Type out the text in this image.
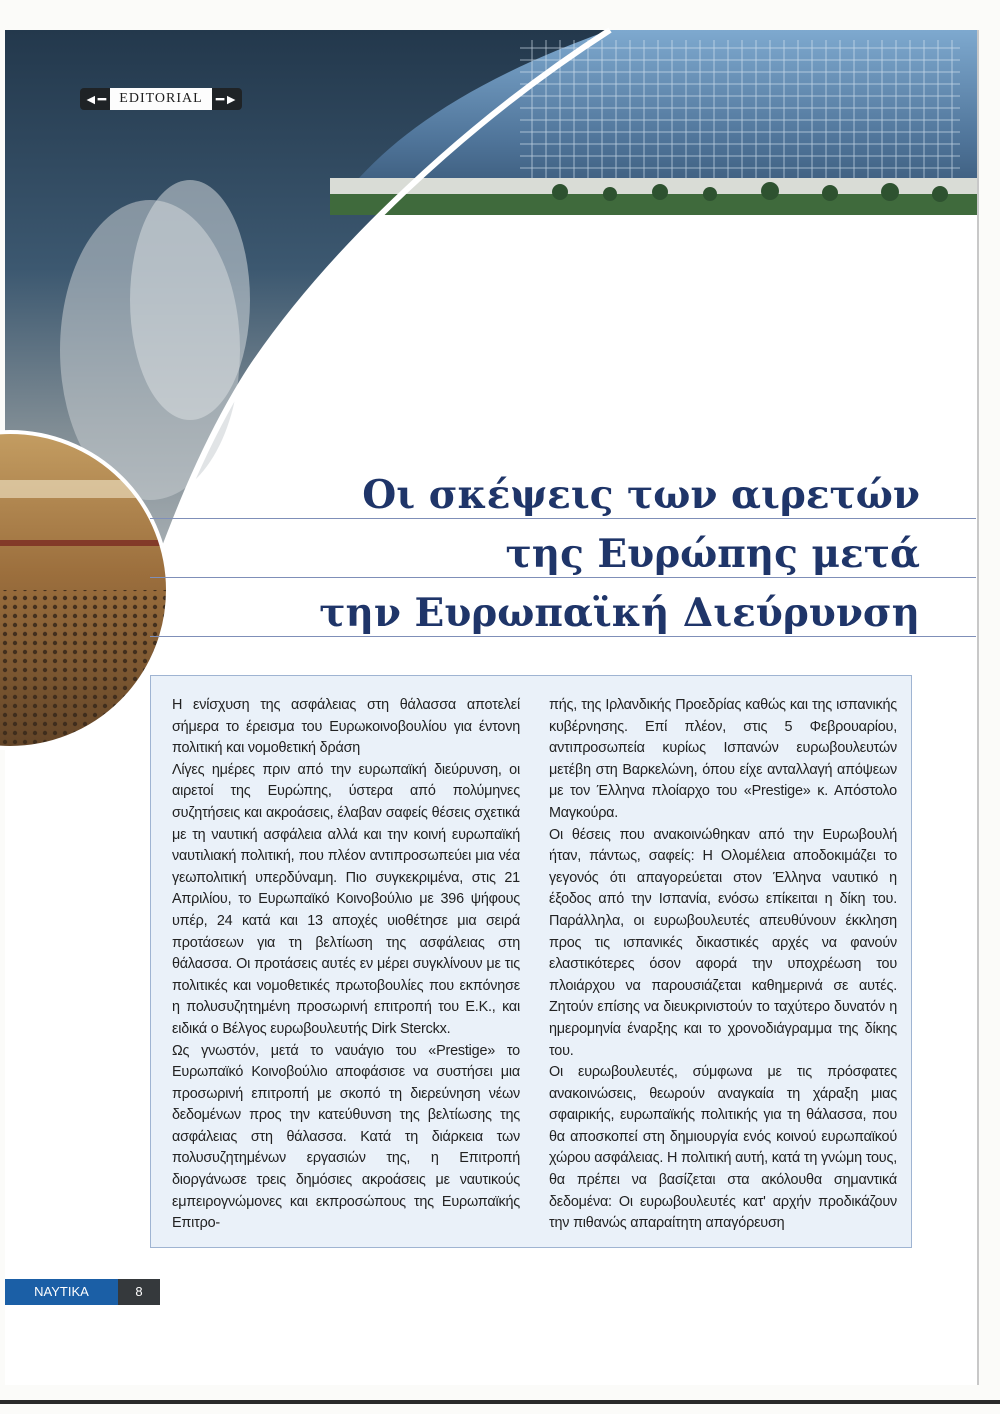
◄━ EDITORIAL ━►
Οι σκέψεις των αιρετών
της Ευρώπης μετά
την Ευρωπαϊκή Διεύρυνση

Η ενίσχυση της ασφάλειας στη θάλασσα αποτελεί σήμερα το έρεισμα του Ευρωκοινοβουλίου για έντονη πολιτική και νομοθετική δράση

Λίγες ημέρες πριν από την ευρωπαϊκή διεύρυνση, οι αιρετοί της Ευρώπης, ύστερα από πολύμηνες συζητήσεις και ακροάσεις, έλαβαν σαφείς θέσεις σχετικά με τη ναυτική ασφάλεια αλλά και την κοινή ευρωπαϊκή ναυτιλιακή πολιτική, που πλέον αντιπροσωπεύει μια νέα γεωπολιτική υπερδύναμη. Πιο συγκεκριμένα, στις 21 Απριλίου, το Ευρωπαϊκό Κοινοβούλιο με 396 ψήφους υπέρ, 24 κατά και 13 αποχές υιοθέτησε μια σειρά προτάσεων για τη βελτίωση της ασφάλειας στη θάλασσα. Οι προτάσεις αυτές εν μέρει συγκλίνουν με τις πολιτικές και νομοθετικές πρωτοβουλίες που εκπόνησε η πολυσυζητημένη προσωρινή επιτροπή του Ε.Κ., και ειδικά ο Βέλγος ευρωβουλευτής Dirk Sterckx.

Ως γνωστόν, μετά το ναυάγιο του «Prestige» το Ευρωπαϊκό Κοινοβούλιο αποφάσισε να συστήσει μια προσωρινή επιτροπή με σκοπό τη διερεύνηση νέων δεδομένων προς την κατεύθυνση της βελτίωσης της ασφάλειας στη θάλασσα. Κατά τη διάρκεια των πολυσυζητημένων εργασιών της, η Επιτροπή διοργάνωσε τρεις δημόσιες ακροάσεις με ναυτικούς εμπειρογνώμονες και εκπροσώπους της Ευρωπαϊκής Επιτρο-

πής, της Ιρλανδικής Προεδρίας καθώς και της ισπανικής κυβέρνησης. Επί πλέον, στις 5 Φεβρουαρίου, αντιπροσωπεία κυρίως Ισπανών ευρωβουλευτών μετέβη στη Βαρκελώνη, όπου είχε ανταλλαγή απόψεων με τον Έλληνα πλοίαρχο του «Prestige» κ. Απόστολο Μαγκούρα.

Οι θέσεις που ανακοινώθηκαν από την Ευρωβουλή ήταν, πάντως, σαφείς: Η Ολομέλεια αποδοκιμάζει το γεγονός ότι απαγορεύεται στον Έλληνα ναυτικό η έξοδος από την Ισπανία, ενόσω επίκειται η δίκη του. Παράλληλα, οι ευρωβουλευτές απευθύνουν έκκληση προς τις ισπανικές δικαστικές αρχές να φανούν ελαστικότερες όσον αφορά την υποχρέωση του πλοιάρχου να παρουσιάζεται καθημερινά σε αυτές. Ζητούν επίσης να διευκρινιστούν το ταχύτερο δυνατόν η ημερομηνία έναρξης και το χρονοδιάγραμμα της δίκης του.

Οι ευρωβουλευτές, σύμφωνα με τις πρόσφατες ανακοινώσεις, θεωρούν αναγκαία τη χάραξη μιας σφαιρικής, ευρωπαϊκής πολιτικής για τη θάλασσα, που θα αποσκοπεί στη δημιουργία ενός κοινού ευρωπαϊκού χώρου ασφάλειας. Η πολιτική αυτή, κατά τη γνώμη τους, θα πρέπει να βασίζεται στα ακόλουθα σημαντικά δεδομένα: Οι ευρωβουλευτές κατ' αρχήν προδικάζουν την πιθανώς απαραίτητη απαγόρευση

ΝΑΥΤΙΚΑ ΧΡΟΝΙΚΑ
8
